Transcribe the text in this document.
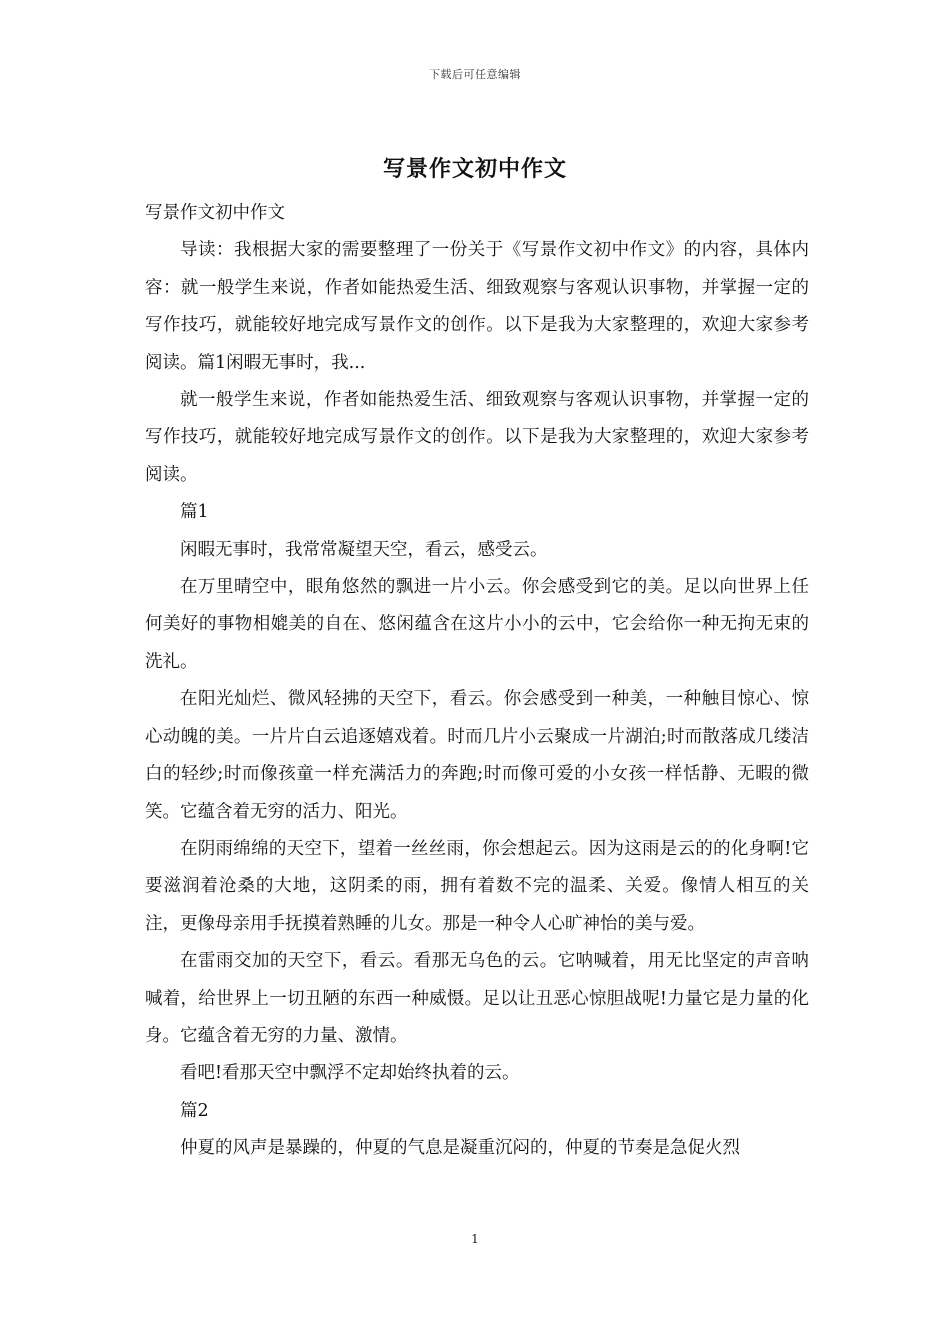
下载后可任意编辑
写景作文初中作文

写景作文初中作文

导读：我根据大家的需要整理了一份关于《写景作文初中作文》的内容，具体内容：就一般学生来说，作者如能热爱生活、细致观察与客观认识事物，并掌握一定的写作技巧，就能较好地完成写景作文的创作。以下是我为大家整理的，欢迎大家参考阅读。篇1闲暇无事时，我...

就一般学生来说，作者如能热爱生活、细致观察与客观认识事物，并掌握一定的写作技巧，就能较好地完成写景作文的创作。以下是我为大家整理的，欢迎大家参考阅读。

篇1

闲暇无事时，我常常凝望天空，看云，感受云。

在万里晴空中，眼角悠然的飘进一片小云。你会感受到它的美。足以向世界上任何美好的事物相媲美的自在、悠闲蕴含在这片小小的云中，它会给你一种无拘无束的洗礼。

在阳光灿烂、微风轻拂的天空下，看云。你会感受到一种美，一种触目惊心、惊心动魄的美。一片片白云追逐嬉戏着。时而几片小云聚成一片湖泊;时而散落成几缕洁白的轻纱;时而像孩童一样充满活力的奔跑;时而像可爱的小女孩一样恬静、无暇的微笑。它蕴含着无穷的活力、阳光。

在阴雨绵绵的天空下，望着一丝丝雨，你会想起云。因为这雨是云的的化身啊!它要滋润着沧桑的大地，这阴柔的雨，拥有着数不完的温柔、关爱。像情人相互的关注，更像母亲用手抚摸着熟睡的儿女。那是一种令人心旷神怡的美与爱。

在雷雨交加的天空下，看云。看那无乌色的云。它呐喊着，用无比坚定的声音呐喊着，给世界上一切丑陋的东西一种威慑。足以让丑恶心惊胆战呢!力量它是力量的化身。它蕴含着无穷的力量、激情。

看吧!看那天空中飘浮不定却始终执着的云。

篇2

仲夏的风声是暴躁的，仲夏的气息是凝重沉闷的，仲夏的节奏是急促火烈

1
